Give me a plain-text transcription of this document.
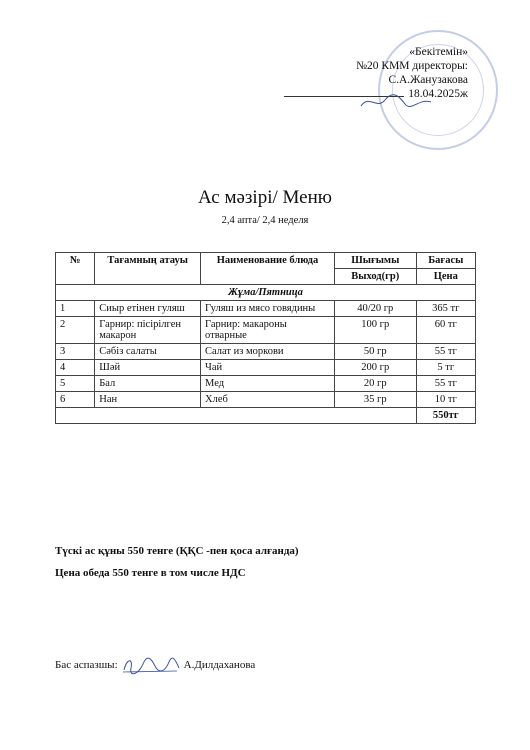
«Бекітемін»
№20 КММ директоры:
С.А.Жанузакова
18.04.2025ж
Ас мәзірі/ Меню
2,4 апта/ 2,4 неделя
№	Тағамның атауы	Наименование блюда	Шығымы	Бағасы
			Выход(гр)	Цена
Жұма/Пятница				
1	Сиыр етінен гуляш	Гуляш из мясо говядины	40/20 гр	365 тг
2	Гарнир: пісірілген макарон	Гарнир: макароны отварные	100 гр	60 тг
3	Сәбіз салаты	Салат из моркови	50 гр	55 тг
4	Шәй	Чай	200 гр	5 тг
5	Бал	Мед	20 гр	55 тг
6	Нан	Хлеб	35 гр	10 тг
				550тг
Түскі ас құны 550 тенге (ҚҚС -пен қоса алғанда)
Цена обеда 550 тенге в том числе НДС
Бас аспазшы:	А.Дилдаханова
